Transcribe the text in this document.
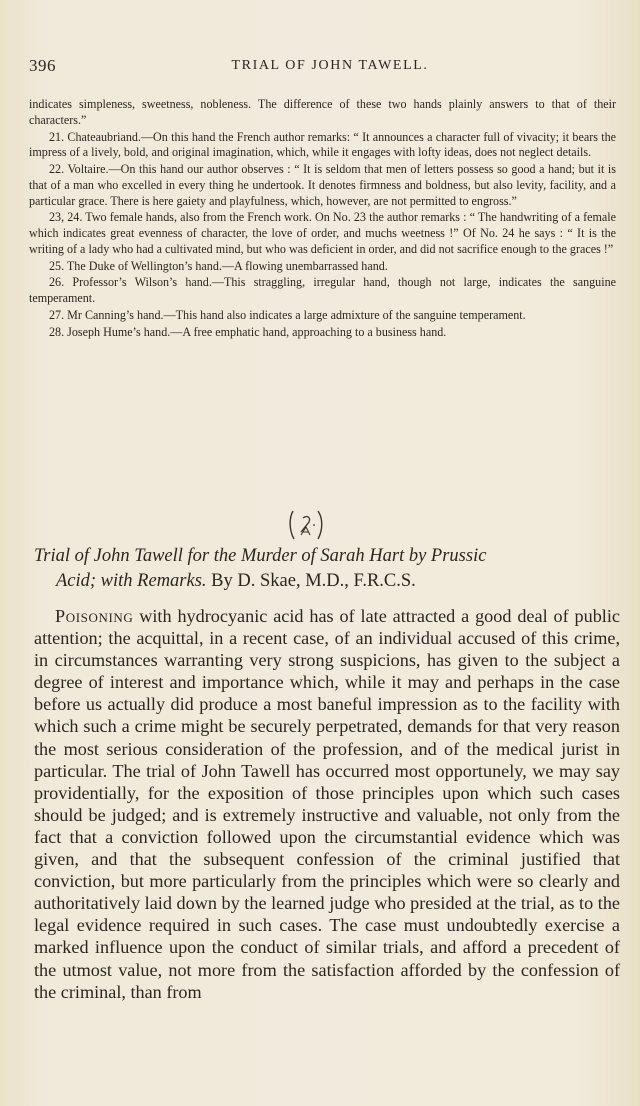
396	TRIAL OF JOHN TAWELL.

indicates simpleness, sweetness, nobleness. The difference of these two hands plainly answers to that of their characters.”

21. Chateaubriand.—On this hand the French author remarks: “ It announces a character full of vivacity; it bears the impress of a lively, bold, and original imagination, which, while it engages with lofty ideas, does not neglect details.

22. Voltaire.—On this hand our author observes : “ It is seldom that men of letters possess so good a hand; but it is that of a man who excelled in every thing he undertook. It denotes firmness and boldness, but also levity, facility, and a particular grace. There is here gaiety and playfulness, which, however, are not permitted to engross.”

23, 24. Two female hands, also from the French work. On No. 23 the author remarks : “ The handwriting of a female which indicates great evenness of character, the love of order, and muchs weetness !” Of No. 24 he says : “ It is the writing of a lady who had a cultivated mind, but who was deficient in order, and did not sacrifice enough to the graces !”

25. The Duke of Wellington’s hand.—A flowing unembarrassed hand.

26. Professor’s Wilson’s hand.—This straggling, irregular hand, though not large, indicates the sanguine temperament.

27. Mr Canning’s hand.—This hand also indicates a large admixture of the sanguine temperament.

28. Joseph Hume’s hand.—A free emphatic hand, approaching to a business hand.

Trial of John Tawell for the Murder of Sarah Hart by Prussic
Acid; with Remarks. By D. Skae, M.D., F.R.C.S.

Poisoning with hydrocyanic acid has of late attracted a good deal of public attention; the acquittal, in a recent case, of an individual accused of this crime, in circumstances warranting very strong suspicions, has given to the subject a degree of interest and importance which, while it may and perhaps in the case before us actually did produce a most baneful impression as to the facility with which such a crime might be securely perpetrated, demands for that very reason the most serious consideration of the profession, and of the medical jurist in particular. The trial of John Tawell has occurred most opportunely, we may say providentially, for the exposition of those principles upon which such cases should be judged; and is extremely instructive and valuable, not only from the fact that a conviction followed upon the circumstantial evidence which was given, and that the subsequent confession of the criminal justified that conviction, but more particularly from the principles which were so clearly and authoritatively laid down by the learned judge who presided at the trial, as to the legal evidence required in such cases. The case must undoubtedly exercise a marked influence upon the conduct of similar trials, and afford a precedent of the utmost value, not more from the satisfaction afforded by the confession of the criminal, than from
